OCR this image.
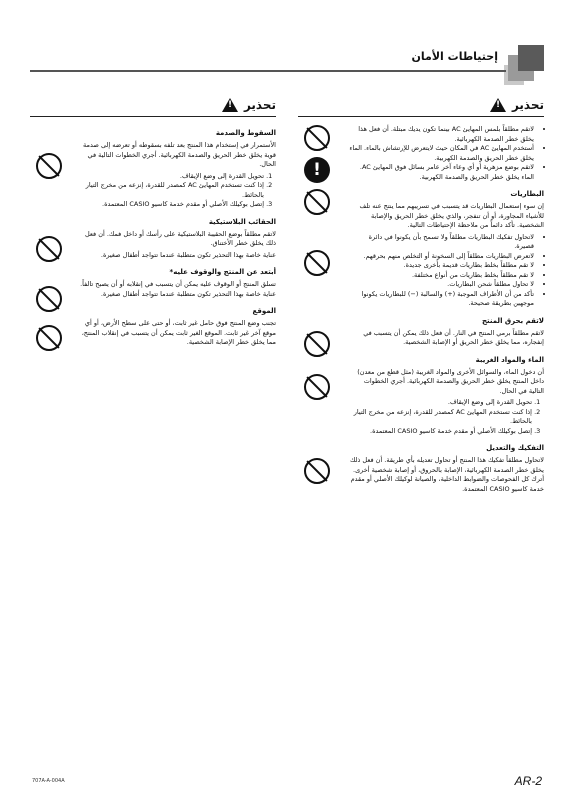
إحتياطات الأمان
تحذير
!
!
• لاتقم مطلقاً بلمس المهايئ AC بينما تكون يديك مبتلة. أن فعل هذا يخلق خطر الصدمة الكهربائية.
• أستخدم المهايئ AC في المكان حيث لايتعرض للإرتشاش بالماء. الماء يخلق خطر الحريق والصدمة الكهربية.
• لاتقم بوضع مزهرية أو أي وعاء آخر عامر بسائل فوق المهايئ AC. الماء يخلق خطر الحريق والصدمة الكهربية.
البطاريات

إن سوء إستعمال البطاريات قد يتسبب في تسريبهم مما ينتج عنه تلف للأشياء المجاورة، أو أن تنفجر، والذي يخلق خطر الحريق والإصابة الشخصية. تأكد دائماً من ملاحظة الإحتياطات التالية.

• لاتحاول تفكيك البطاريات مطلقاً ولا تسمح بأن يكونوا في دائرة قصيرة.
• لاتعرض البطاريات مطلقاً إلى السخونة أو التخلص منهم بحرقهم.
• لا تقم مطلقاً بخلط بطاريات قديمة بأخرى جديدة.
• لا تقم مطلقاً بخلط بطاريات من أنواع مختلفة.
• لا تحاول مطلقاً شحن البطاريات.
• تأكد من أن الأطراف الموجبة (+) والسالبة (−) للبطاريات يكونوا موجهين بطريقة صحيحة.
لاتقم بحرق المنتج

لاتقم مطلقاً برمي المنتج في النار. أن فعل ذلك يمكن أن يتسبب في إنفجاره، مما يخلق خطر الحريق أو الإصابة الشخصية.

الماء والمواد الغريبة

أن دخول الماء، والسوائل الأخرى والمواد الغريبة (مثل قطع من معدن) داخل المنتج يخلق خطر الحريق والصدمة الكهربائية. أجري الخطوات التالية في الحال.

1. تحويل القدرة إلى وضع الإيقاف.
2. إذا كنت تستخدم المهايئ AC كمصدر للقدرة، إنزعه من مخرج التيار بالحائط.
3. إتصل بوكيلك الأصلي أو مقدم خدمة كاسيو CASIO المعتمدة.
التفكيك والتعديل

لاتحاول مطلقاً تفكيك هذا المنتج أو تحاول تعديله بأي طريقة. أن فعل ذلك يخلق خطر الصدمة الكهربائية، الإصابة بالحروق، أو إصابة شخصية أخرى. أترك كل الفحوصات والضوابط الداخلية، والصيانة لوكيلك الأصلي أو مقدم خدمة كاسيو CASIO المعتمدة.

تحذير
!
السقوط والصدمة

الأستمرار في إستخدام هذا المنتج بعد تلفه بسقوطه أو تعرضه إلى صدمة قوية يخلق خطر الحريق والصدمة الكهربائية. أجري الخطوات التالية في الحال.

1. تحويل القدرة إلى وضع الإيقاف.
2. إذا كنت تستخدم المهايئ AC كمصدر للقدرة، إنزعه من مخرج التيار بالحائط.
3. إتصل بوكيلك الأصلي أو مقدم خدمة كاسيو CASIO المعتمدة.
الحقائب البلاستيكية

لاتقم مطلقاً بوضع الحقيبة البلاستيكية على رأسك أو داخل فمك. أن فعل ذلك يخلق خطر الأختناق.

عناية خاصة بهذا التحذير تكون متطلبة عندما تتواجد أطفال صغيرة.

أبتعد عن المنتج والوقوف عليه*

تسلق المنتج أو الوقوف عليه يمكن أن يتسبب في إنقلابه أو أن يصبح تالفاً. عناية خاصة بهذا التحذير تكون متطلبة عندما تتواجد أطفال صغيرة.

الموقع

تجنب وضع المنتج فوق حامل غير ثابت، أو حتى على سطح الأرض، أو أي موقع آخر غير ثابت. الموقع الغير ثابت يمكن أن يتسبب في إنقلاب المنتج، مما يخلق خطر الإصابة الشخصية.

707A-A-004A	AR-2
